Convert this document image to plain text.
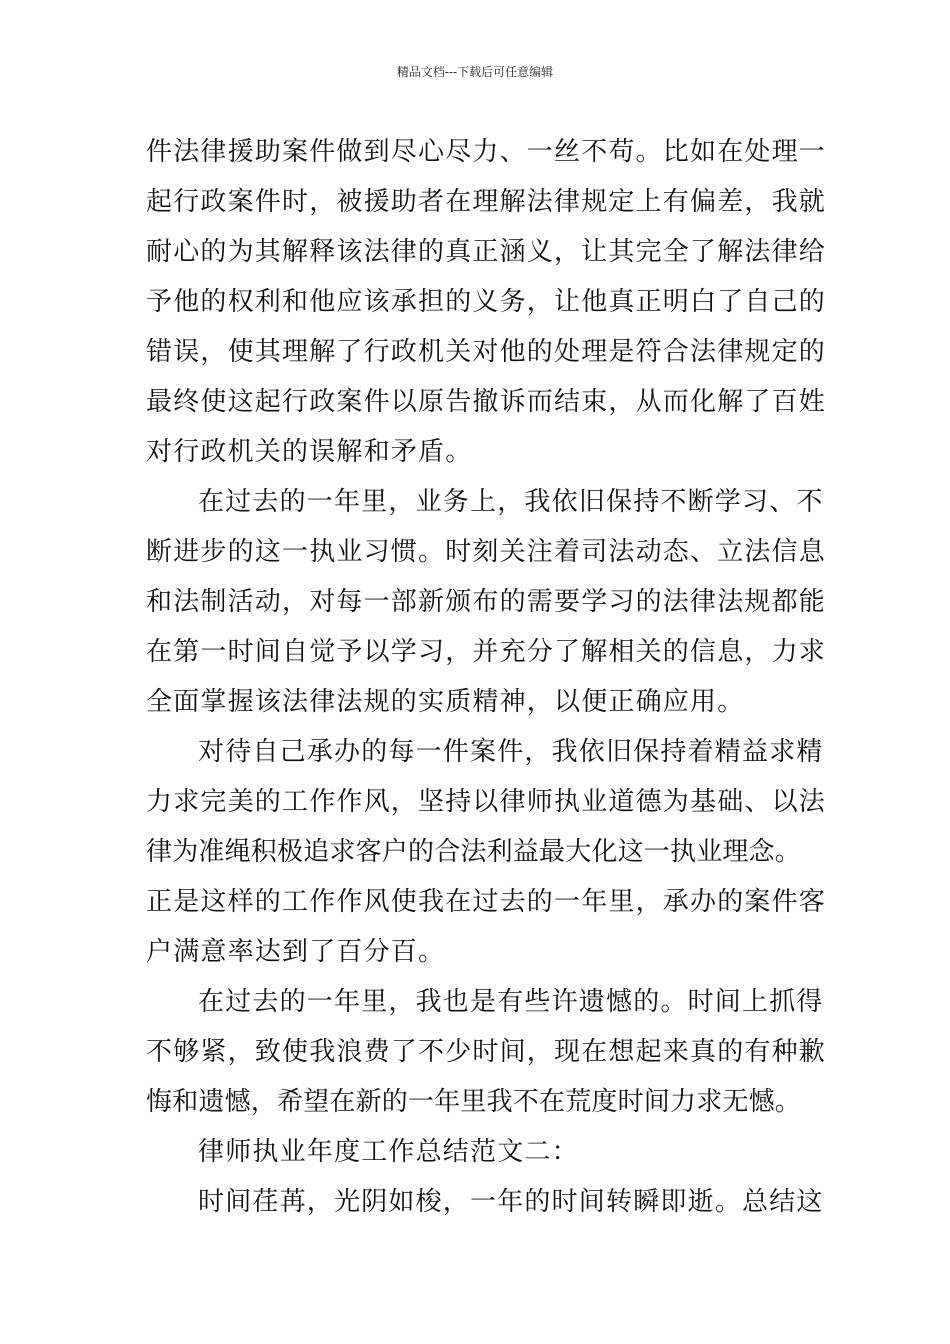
精品文档---下载后可任意编辑
件法律援助案件做到尽心尽力、一丝不苟。比如在处理一
起行政案件时，被援助者在理解法律规定上有偏差，我就
耐心的为其解释该法律的真正涵义，让其完全了解法律给
予他的权利和他应该承担的义务，让他真正明白了自己的
错误，使其理解了行政机关对他的处理是符合法律规定的
最终使这起行政案件以原告撤诉而结束，从而化解了百姓
对行政机关的误解和矛盾。
在过去的一年里，业务上，我依旧保持不断学习、不
断进步的这一执业习惯。时刻关注着司法动态、立法信息
和法制活动，对每一部新颁布的需要学习的法律法规都能
在第一时间自觉予以学习，并充分了解相关的信息，力求
全面掌握该法律法规的实质精神，以便正确应用。
对待自己承办的每一件案件，我依旧保持着精益求精
力求完美的工作作风，坚持以律师执业道德为基础、以法
律为准绳积极追求客户的合法利益最大化这一执业理念。
正是这样的工作作风使我在过去的一年里，承办的案件客
户满意率达到了百分百。
在过去的一年里，我也是有些许遗憾的。时间上抓得
不够紧，致使我浪费了不少时间，现在想起来真的有种歉
悔和遗憾，希望在新的一年里我不在荒度时间力求无憾。
律师执业年度工作总结范文二：
时间荏苒，光阴如梭，一年的时间转瞬即逝。总结这
